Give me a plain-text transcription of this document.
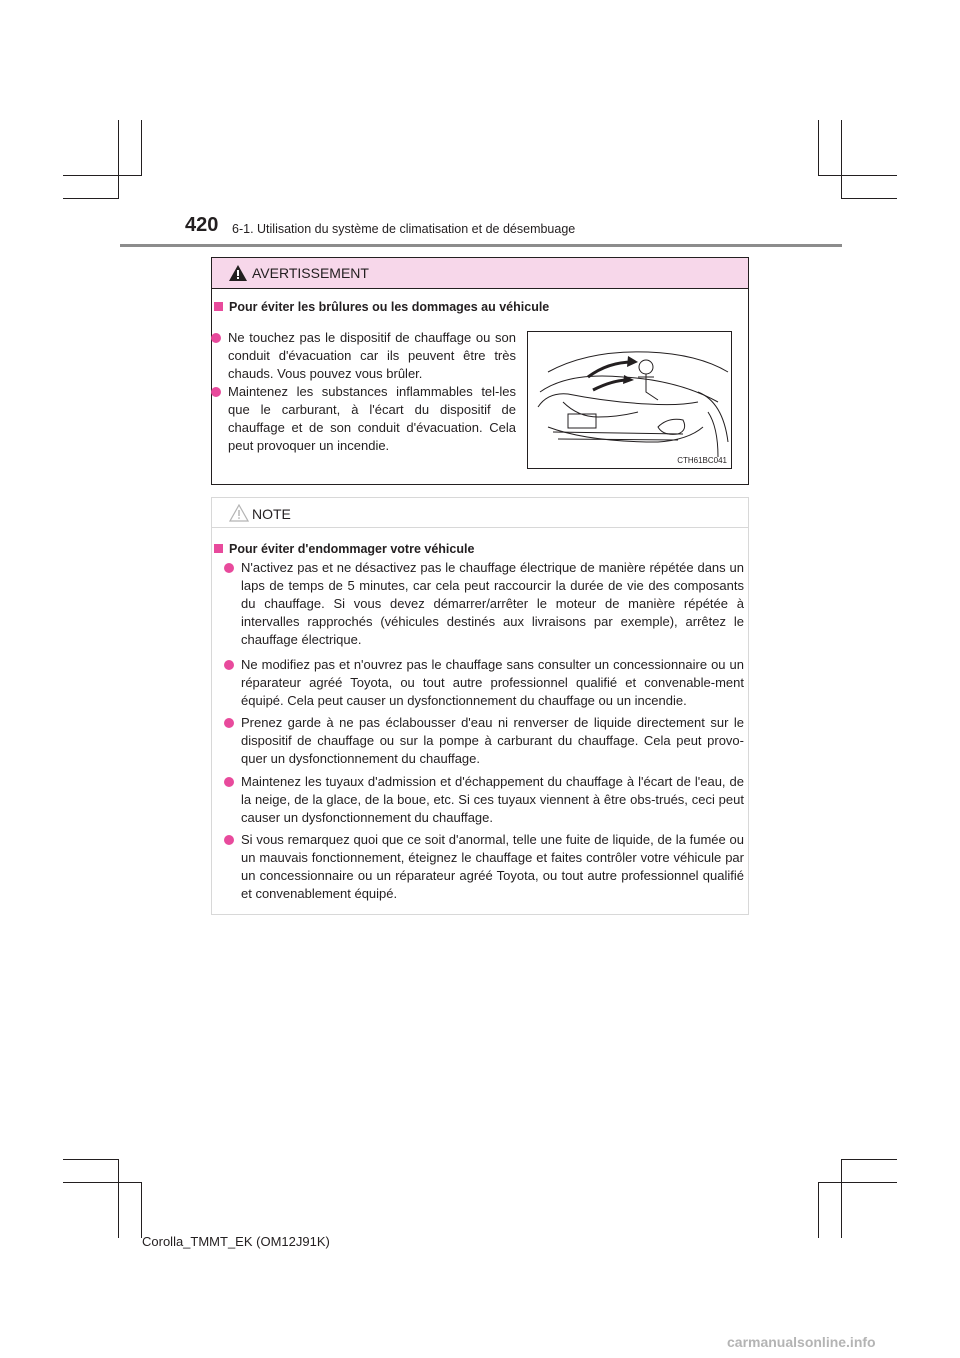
420 6-1. Utilisation du système de climatisation et de désembuage
AVERTISSEMENT
Pour éviter les brûlures ou les dommages au véhicule
Ne touchez pas le dispositif de chauffage ou son conduit d'évacuation car ils peuvent être très chauds. Vous pouvez vous brûler.
Maintenez les substances inflammables tel-les que le carburant, à l'écart du dispositif de chauffage et de son conduit d'évacuation. Cela peut provoquer un incendie.
CTH61BC041
NOTE
Pour éviter d'endommager votre véhicule
N'activez pas et ne désactivez pas le chauffage électrique de manière répétée dans un laps de temps de 5 minutes, car cela peut raccourcir la durée de vie des composants du chauffage. Si vous devez démarrer/arrêter le moteur de manière répétée à intervalles rapprochés (véhicules destinés aux livraisons par exemple), arrêtez le chauffage électrique.
Ne modifiez pas et n'ouvrez pas le chauffage sans consulter un concessionnaire ou un réparateur agréé Toyota, ou tout autre professionnel qualifié et convenable-ment équipé. Cela peut causer un dysfonctionnement du chauffage ou un incendie.
Prenez garde à ne pas éclabousser d'eau ni renverser de liquide directement sur le dispositif de chauffage ou sur la pompe à carburant du chauffage. Cela peut provo-quer un dysfonctionnement du chauffage.
Maintenez les tuyaux d'admission et d'échappement du chauffage à l'écart de l'eau, de la neige, de la glace, de la boue, etc. Si ces tuyaux viennent à être obs-trués, ceci peut causer un dysfonctionnement du chauffage.
Si vous remarquez quoi que ce soit d'anormal, telle une fuite de liquide, de la fumée ou un mauvais fonctionnement, éteignez le chauffage et faites contrôler votre véhicule par un concessionnaire ou un réparateur agréé Toyota, ou tout autre professionnel qualifié et convenablement équipé.
Corolla_TMMT_EK (OM12J91K)
carmanualsonline.info
